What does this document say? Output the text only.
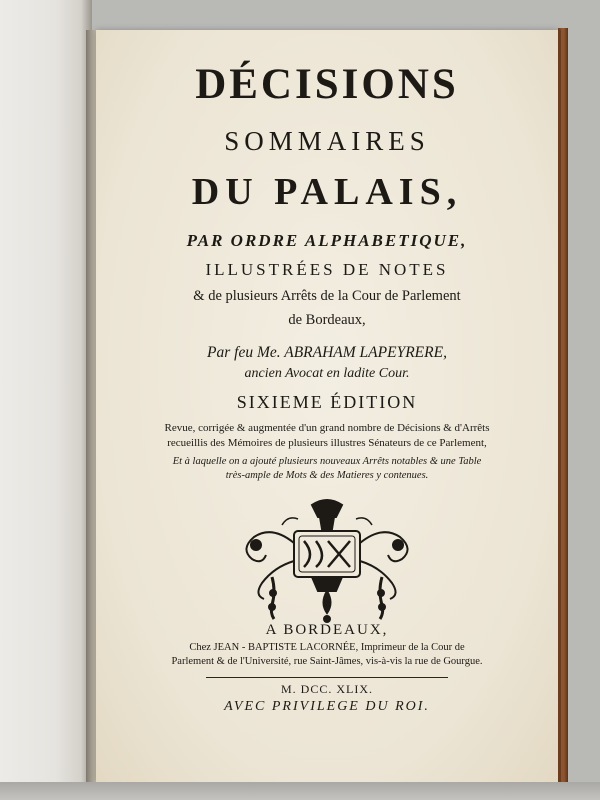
DÉCISIONS
SOMMAIRES
DU PALAIS,
PAR ORDRE ALPHABETIQUE,
ILLUSTRÉES DE NOTES
& de plusieurs Arrêts de la Cour de Parlement
de Bordeaux,
Par feu Me. ABRAHAM LAPEYRERE,
ancien Avocat en ladite Cour.
SIXIEME ÉDITION
Revue, corrigée & augmentée d'un grand nombre de Décisions & d'Arrêts
recueillis des Mémoires de plusieurs illustres Sénateurs de ce Parlement,
Et à laquelle on a ajouté plusieurs nouveaux Arrêts notables & une Table
très-ample de Mots & des Matieres y contenues.
A BORDEAUX,
Chez JEAN - BAPTISTE LACORNÉE, Imprimeur de la Cour de
Parlement & de l'Université, rue Saint-Jâmes, vis-à-vis la rue de Gourgue.
M. DCC. XLIX.
AVEC PRIVILEGE DU ROI.
